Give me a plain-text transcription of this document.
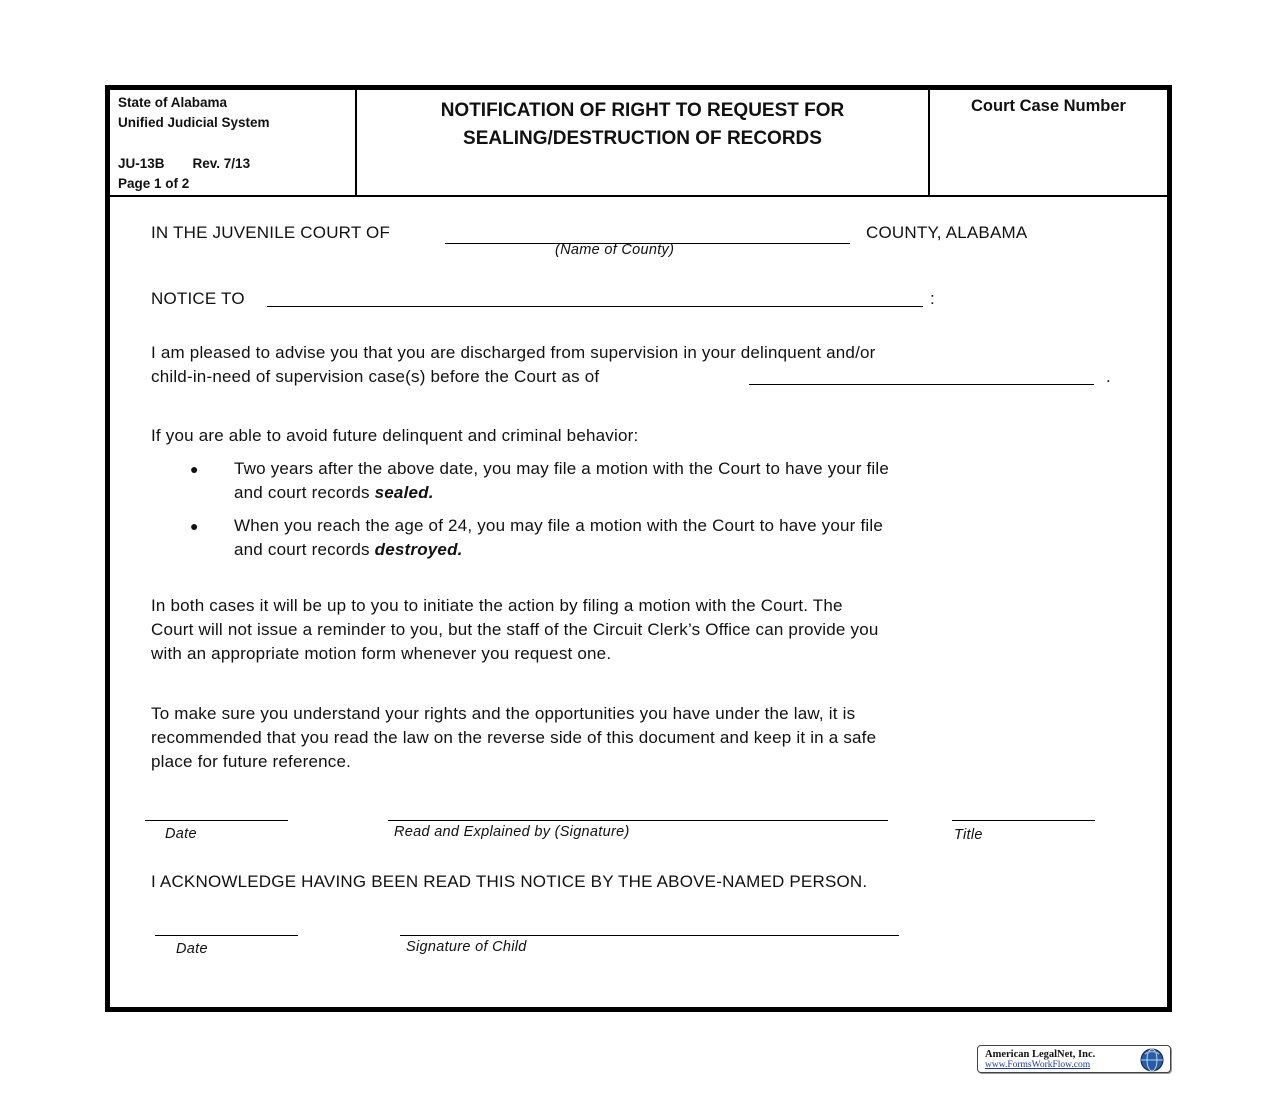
State of Alabama
Unified Judicial System
JU-13B Rev. 7/13
Page 1 of 2
NOTIFICATION OF RIGHT TO REQUEST FOR
SEALING/DESTRUCTION OF RECORDS
Court Case Number
IN THE JUVENILE COURT OF
(Name of County)
COUNTY, ALABAMA
NOTICE TO	:
I am pleased to advise you that you are discharged from supervision in your delinquent and/or
child-in-need of supervision case(s) before the Court as of	.
If you are able to avoid future delinquent and criminal behavior:
● Two years after the above date, you may file a motion with the Court to have your file
and court records sealed.
● When you reach the age of 24, you may file a motion with the Court to have your file
and court records destroyed.
In both cases it will be up to you to initiate the action by filing a motion with the Court. The
Court will not issue a reminder to you, but the staff of the Circuit Clerk’s Office can provide you
with an appropriate motion form whenever you request one.
To make sure you understand your rights and the opportunities you have under the law, it is
recommended that you read the law on the reverse side of this document and keep it in a safe
place for future reference.
Date	Read and Explained by (Signature)	Title
I ACKNOWLEDGE HAVING BEEN READ THIS NOTICE BY THE ABOVE-NAMED PERSON.
Date	Signature of Child
American LegalNet, Inc.
www.FormsWorkFlow.com
